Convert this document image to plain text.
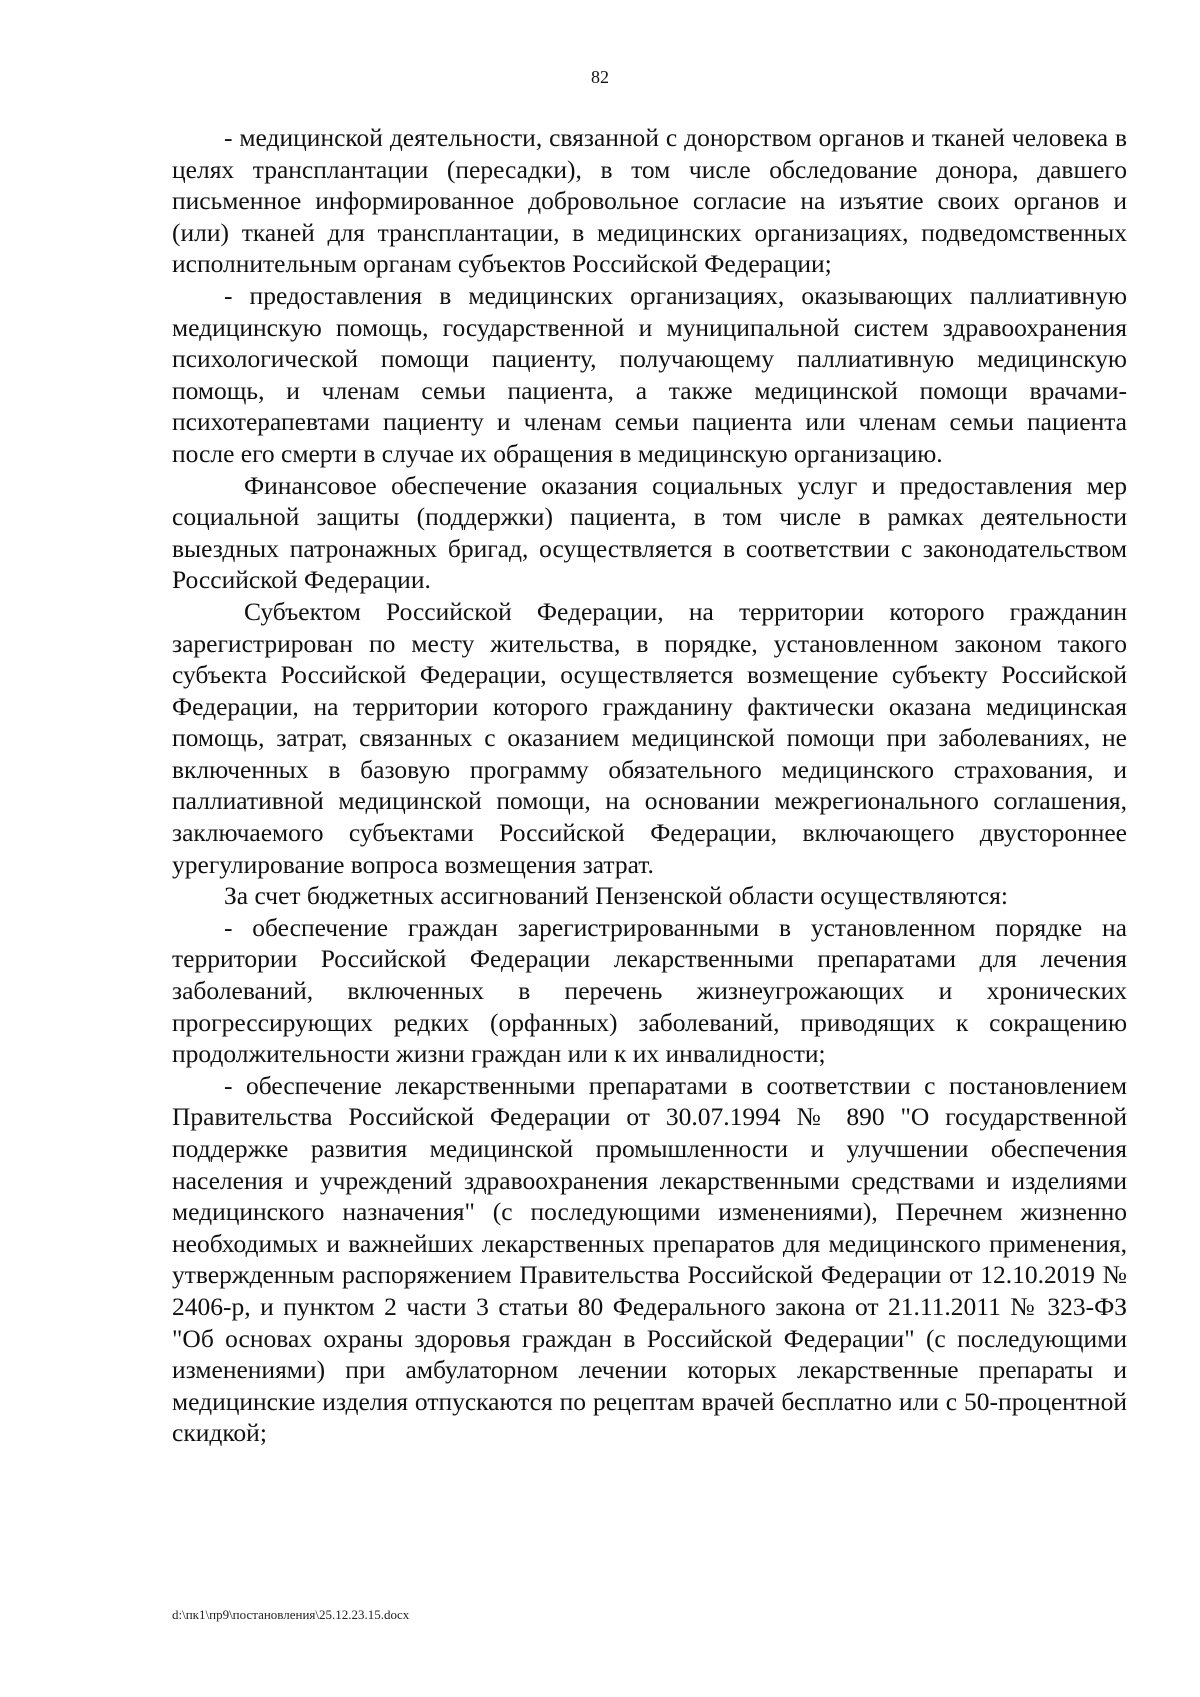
82

- медицинской деятельности, связанной с донорством органов и тканей человека в целях трансплантации (пересадки), в том числе обследование донора, давшего письменное информированное добровольное согласие на изъятие своих органов и (или) тканей для трансплантации, в медицинских организациях, подведомственных исполнительным органам субъектов Российской Федерации;

- предоставления в медицинских организациях, оказывающих паллиативную медицинскую помощь, государственной и муниципальной систем здравоохранения психологической помощи пациенту, получающему паллиативную медицинскую помощь, и членам семьи пациента, а также медицинской помощи врачами-психотерапевтами пациенту и членам семьи пациента или членам семьи пациента после его смерти в случае их обращения в медицинскую организацию.

Финансовое обеспечение оказания социальных услуг и предоставления мер социальной защиты (поддержки) пациента, в том числе в рамках деятельности выездных патронажных бригад, осуществляется в соответствии с законодательством Российской Федерации.

Субъектом Российской Федерации, на территории которого гражданин зарегистрирован по месту жительства, в порядке, установленном законом такого субъекта Российской Федерации, осуществляется возмещение субъекту Российской Федерации, на территории которого гражданину фактически оказана медицинская помощь, затрат, связанных с оказанием медицинской помощи при заболеваниях, не включенных в базовую программу обязательного медицинского страхования, и паллиативной медицинской помощи, на основании межрегионального соглашения, заключаемого субъектами Российской Федерации, включающего двустороннее урегулирование вопроса возмещения затрат.

За счет бюджетных ассигнований Пензенской области осуществляются:

- обеспечение граждан зарегистрированными в установленном порядке на территории Российской Федерации лекарственными препаратами для лечения заболеваний, включенных в перечень жизнеугрожающих и хронических прогрессирующих редких (орфанных) заболеваний, приводящих к сокращению продолжительности жизни граждан или к их инвалидности;

- обеспечение лекарственными препаратами в соответствии с постановлением Правительства Российской Федерации от 30.07.1994 № 890 "О государственной поддержке развития медицинской промышленности и улучшении обеспечения населения и учреждений здравоохранения лекарственными средствами и изделиями медицинского назначения" (с последующими изменениями), Перечнем жизненно необходимых и важнейших лекарственных препаратов для медицинского применения, утвержденным распоряжением Правительства Российской Федерации от 12.10.2019 № 2406-р, и пунктом 2 части 3 статьи 80 Федерального закона от 21.11.2011 № 323-ФЗ "Об основах охраны здоровья граждан в Российской Федерации" (с последующими изменениями) при амбулаторном лечении которых лекарственные препараты и медицинские изделия отпускаются по рецептам врачей бесплатно или с 50-процентной скидкой;

d:\пк1\пр9\постановления\25.12.23.15.docx
